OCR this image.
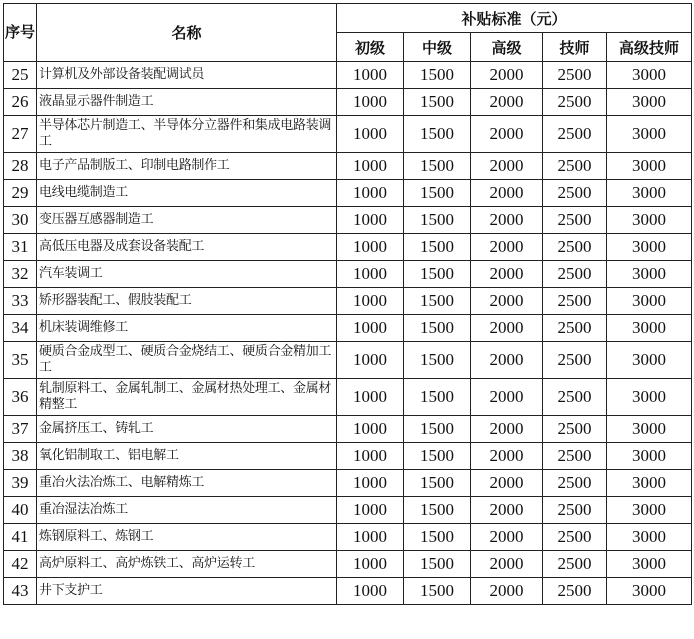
序号	名称	补贴标准（元）				
		初级	中级	高级	技师	高级技师
25	计算机及外部设备装配调试员	1000	1500	2000	2500	3000
26	液晶显示器件制造工	1000	1500	2000	2500	3000
27	半导体芯片制造工、半导体分立器件和集成电路装调工	1000	1500	2000	2500	3000
28	电子产品制版工、印制电路制作工	1000	1500	2000	2500	3000
29	电线电缆制造工	1000	1500	2000	2500	3000
30	变压器互感器制造工	1000	1500	2000	2500	3000
31	高低压电器及成套设备装配工	1000	1500	2000	2500	3000
32	汽车装调工	1000	1500	2000	2500	3000
33	矫形器装配工、假肢装配工	1000	1500	2000	2500	3000
34	机床装调维修工	1000	1500	2000	2500	3000
35	硬质合金成型工、硬质合金烧结工、硬质合金精加工工	1000	1500	2000	2500	3000
36	轧制原料工、金属轧制工、金属材热处理工、金属材精整工	1000	1500	2000	2500	3000
37	金属挤压工、铸轧工	1000	1500	2000	2500	3000
38	氧化铝制取工、铝电解工	1000	1500	2000	2500	3000
39	重冶火法冶炼工、电解精炼工	1000	1500	2000	2500	3000
40	重冶湿法冶炼工	1000	1500	2000	2500	3000
41	炼钢原料工、炼钢工	1000	1500	2000	2500	3000
42	高炉原料工、高炉炼铁工、高炉运转工	1000	1500	2000	2500	3000
43	井下支护工	1000	1500	2000	2500	3000
